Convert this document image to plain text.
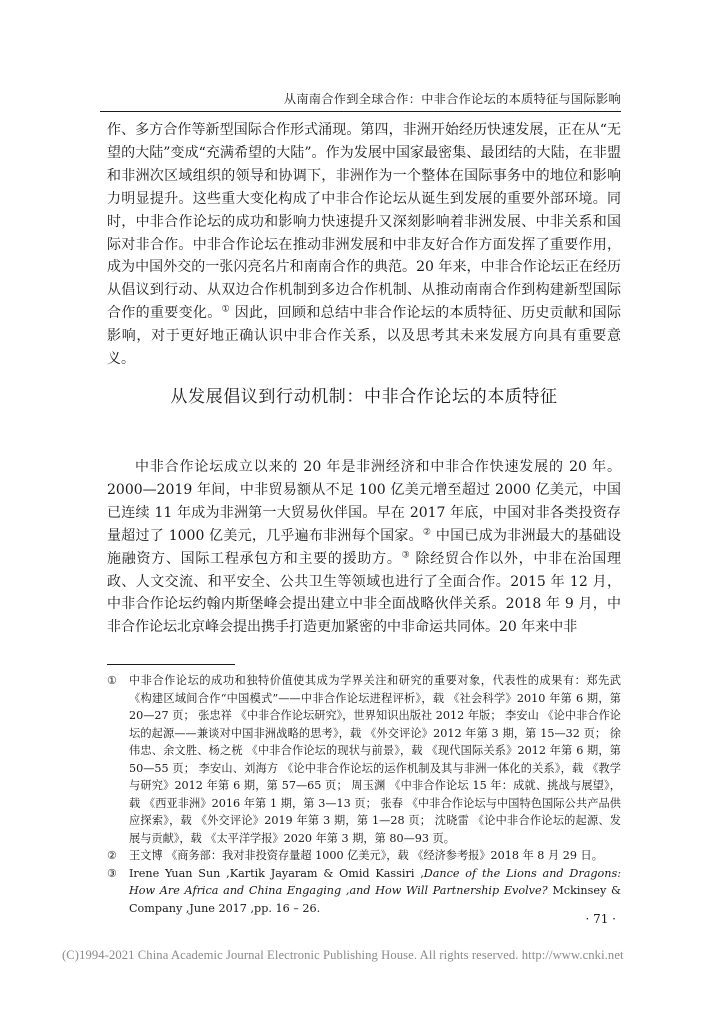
从南南合作到全球合作：中非合作论坛的本质特征与国际影响

作、多方合作等新型国际合作形式涌现。第四，非洲开始经历快速发展，正在从“无望的大陆”变成“充满希望的大陆”。作为发展中国家最密集、最团结的大陆，在非盟和非洲次区域组织的领导和协调下，非洲作为一个整体在国际事务中的地位和影响力明显提升。这些重大变化构成了中非合作论坛从诞生到发展的重要外部环境。同时，中非合作论坛的成功和影响力快速提升又深刻影响着非洲发展、中非关系和国际对非合作。中非合作论坛在推动非洲发展和中非友好合作方面发挥了重要作用，成为中国外交的一张闪亮名片和南南合作的典范。20 年来，中非合作论坛正在经历从倡议到行动、从双边合作机制到多边合作机制、从推动南南合作到构建新型国际合作的重要变化。① 因此，回顾和总结中非合作论坛的本质特征、历史贡献和国际影响，对于更好地正确认识中非合作关系，以及思考其未来发展方向具有重要意义。

从发展倡议到行动机制：中非合作论坛的本质特征

中非合作论坛成立以来的 20 年是非洲经济和中非合作快速发展的 20 年。2000—2019 年间，中非贸易额从不足 100 亿美元增至超过 2000 亿美元，中国已连续 11 年成为非洲第一大贸易伙伴国。早在 2017 年底，中国对非各类投资存量超过了 1000 亿美元，几乎遍布非洲每个国家。② 中国已成为非洲最大的基础设施融资方、国际工程承包方和主要的援助方。③ 除经贸合作以外，中非在治国理政、人文交流、和平安全、公共卫生等领域也进行了全面合作。2015 年 12 月，中非合作论坛约翰内斯堡峰会提出建立中非全面战略伙伴关系。2018 年 9 月，中非合作论坛北京峰会提出携手打造更加紧密的中非命运共同体。20 年来中非

① 中非合作论坛的成功和独特价值使其成为学界关注和研究的重要对象，代表性的成果有：郑先武 《构建区域间合作“中国模式”——中非合作论坛进程评析》，载 《社会科学》2010 年第 6 期，第 20—27 页； 张忠祥 《中非合作论坛研究》，世界知识出版社 2012 年版； 李安山 《论中非合作论坛的起源——兼谈对中国非洲战略的思考》，载 《外交评论》2012 年第 3 期，第 15—32 页； 徐伟忠、余文胜、杨之桄 《中非合作论坛的现状与前景》，载 《现代国际关系》2012 年第 6 期，第 50—55 页； 李安山、刘海方 《论中非合作论坛的运作机制及其与非洲一体化的关系》，载 《教学与研究》2012 年第 6 期，第 57—65 页； 周玉渊 《中非合作论坛 15 年：成就、挑战与展望》，载 《西亚非洲》2016 年第 1 期，第 3—13 页； 张春 《中非合作论坛与中国特色国际公共产品供应探索》，载 《外交评论》2019 年第 3 期，第 1—28 页； 沈晓雷 《论中非合作论坛的起源、发展与贡献》，载 《太平洋学报》2020 年第 3 期，第 80—93 页。

② 王文博 《商务部：我对非投资存量超 1000 亿美元》，载 《经济参考报》2018 年 8 月 29 日。

③ Irene Yuan Sun ,Kartik Jayaram & Omid Kassiri ,Dance of the Lions and Dragons: How Are Africa and China Engaging ,and How Will Partnership Evolve? Mckinsey & Company ,June 2017 ,pp. 16 – 26.

· 71 ·
(C)1994-2021 China Academic Journal Electronic Publishing House. All rights reserved. http://www.cnki.net
